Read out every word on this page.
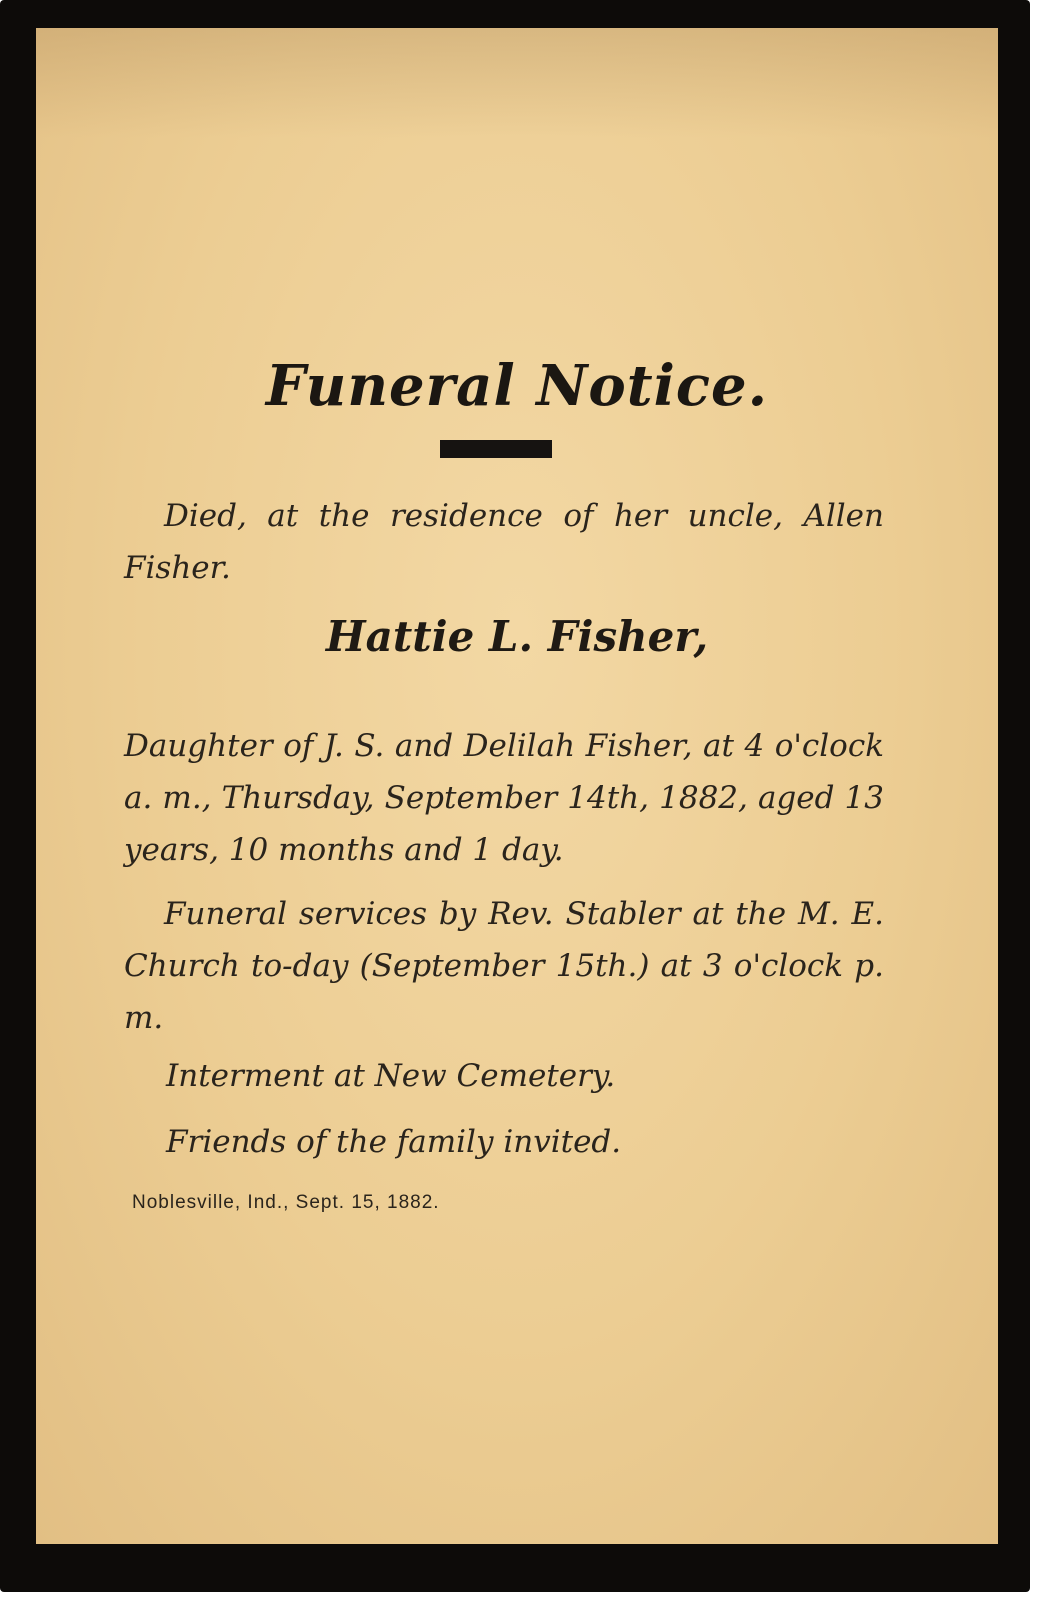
Funeral Notice.
Died, at the residence of her uncle, Allen Fisher.
Hattie L. Fisher,
Daughter of J. S. and Delilah Fisher, at 4 o'clock a. m., Thursday, September 14th, 1882, aged 13 years, 10 months and 1 day.
Funeral services by Rev. Stabler at the M. E. Church to-day (September 15th.) at 3 o'clock p. m.
Interment at New Cemetery.
Friends of the family invited.
Noblesville, Ind., Sept. 15, 1882.
